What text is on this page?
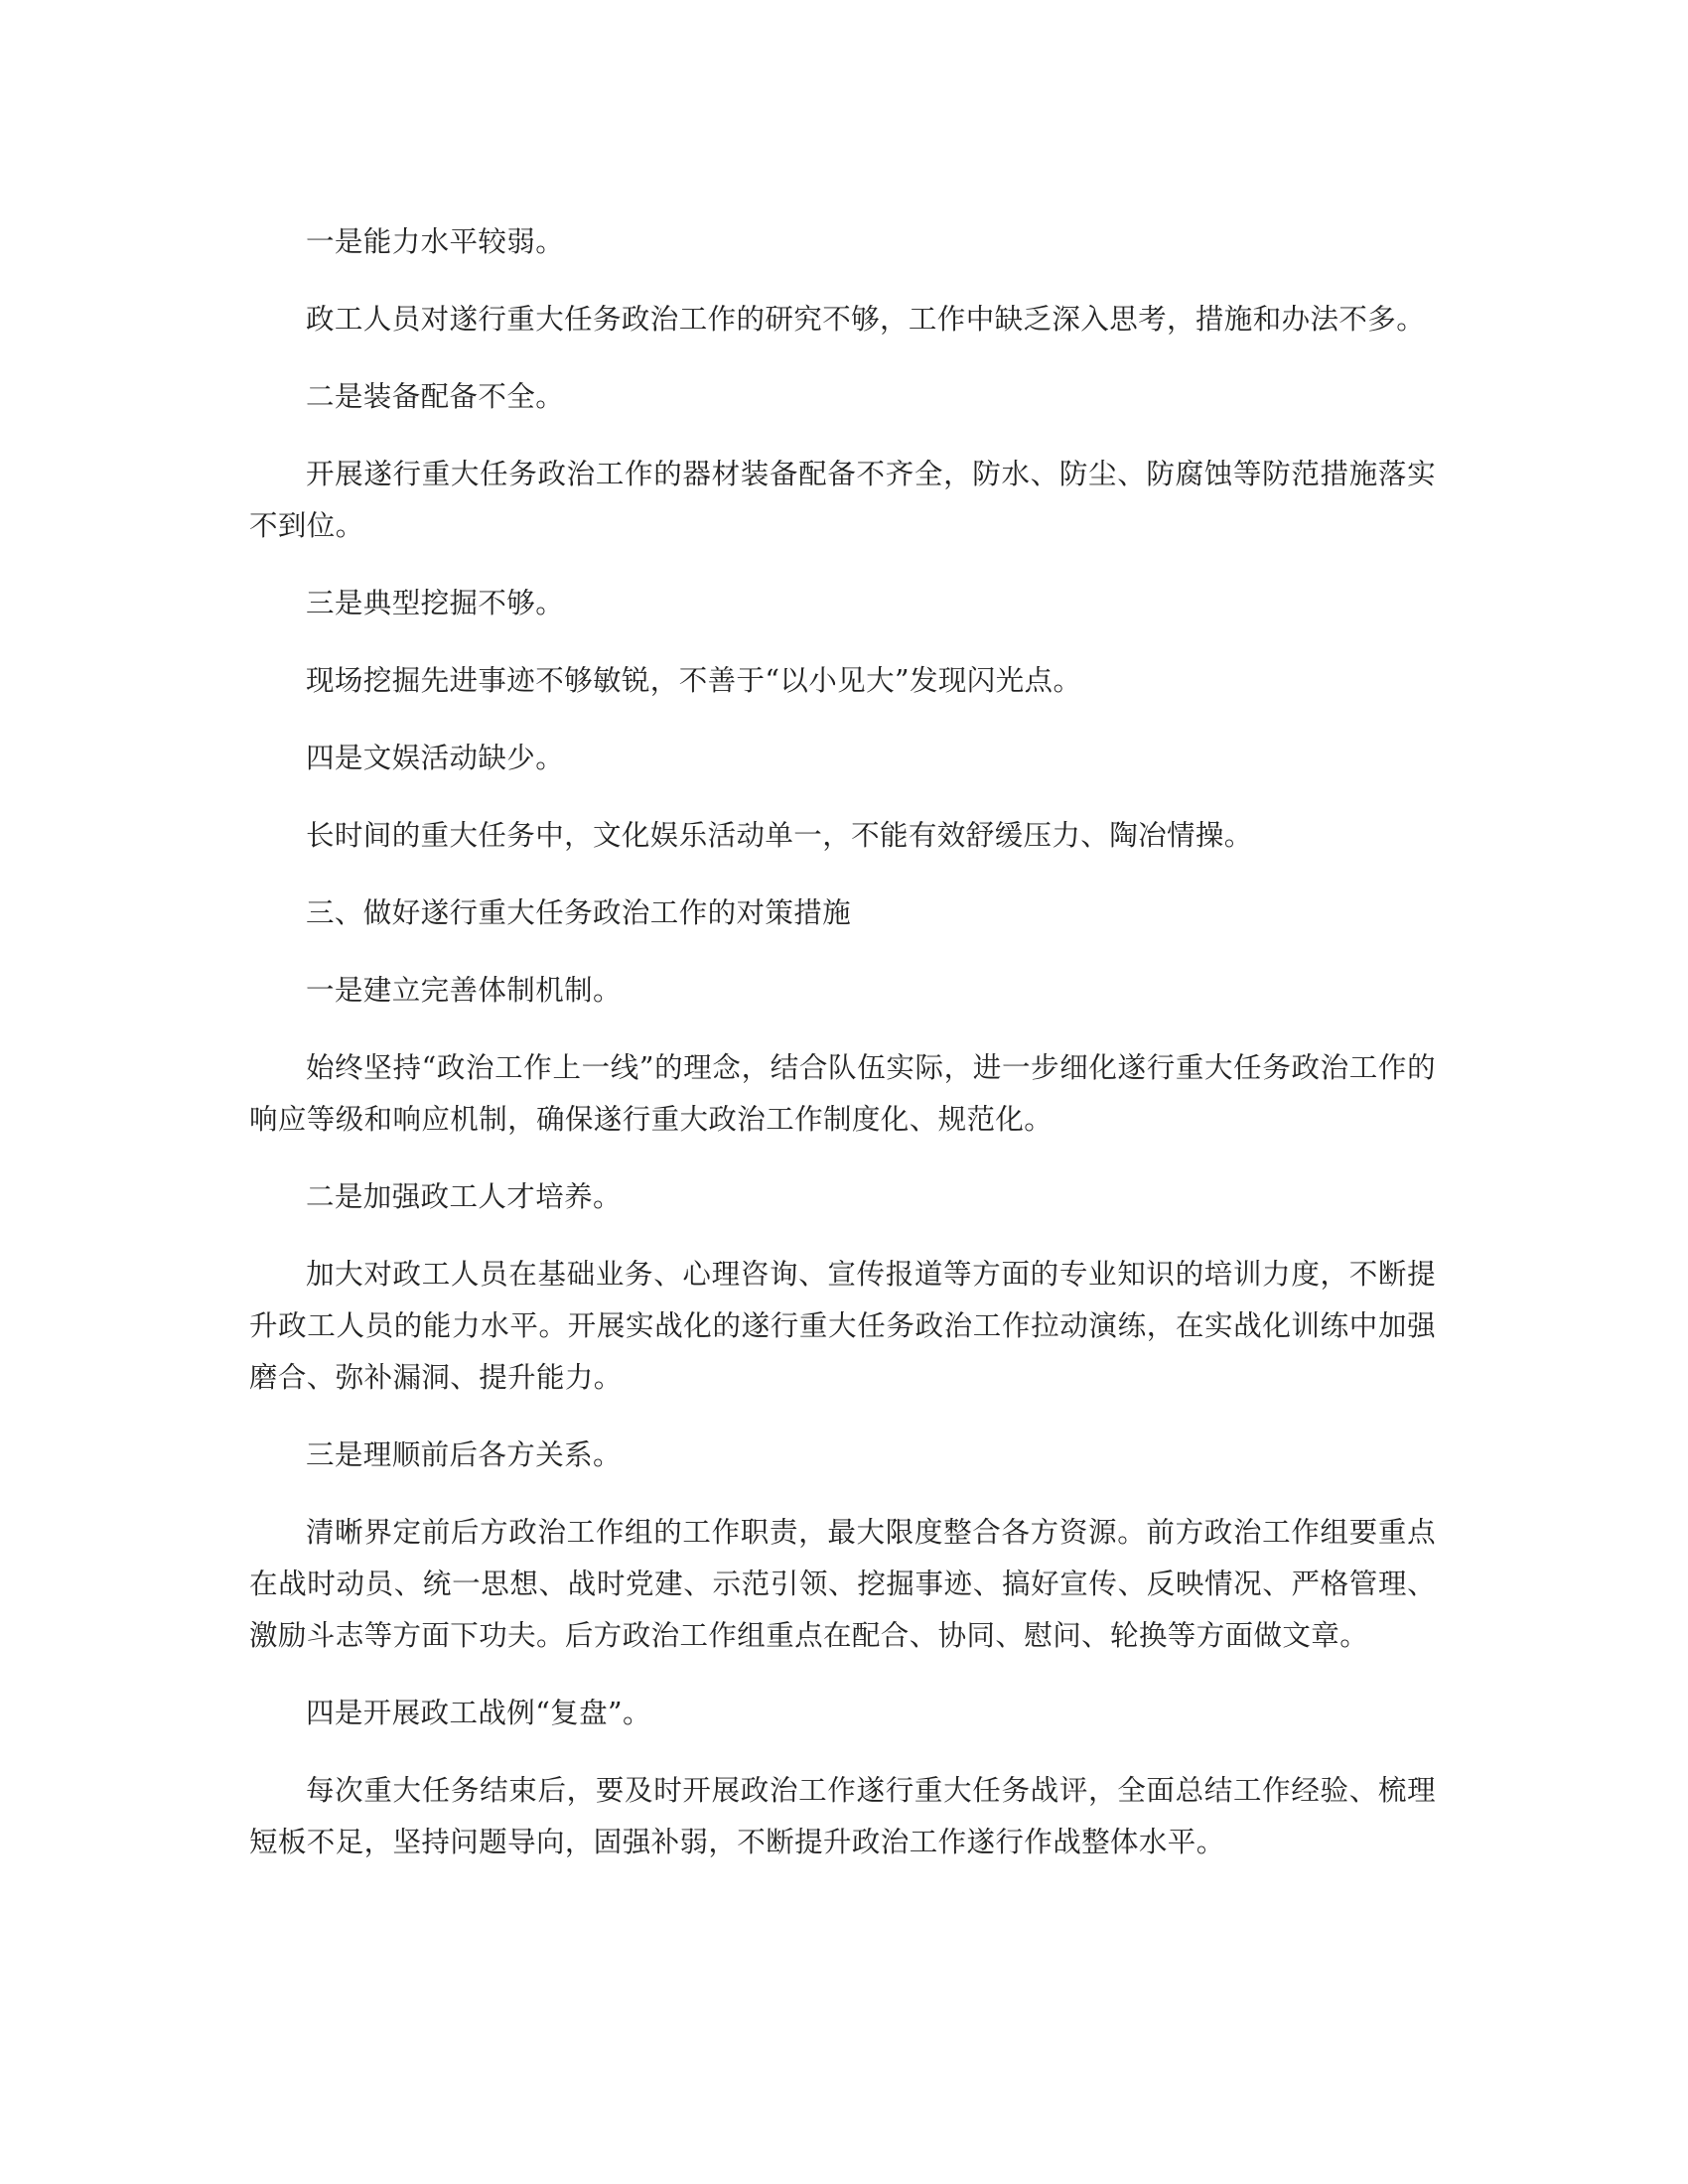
一是能力水平较弱。

政工人员对遂行重大任务政治工作的研究不够，工作中缺乏深入思考，措施和办法不多。

二是装备配备不全。

开展遂行重大任务政治工作的器材装备配备不齐全，防水、防尘、防腐蚀等防范措施落实不到位。

三是典型挖掘不够。

现场挖掘先进事迹不够敏锐，不善于“以小见大”发现闪光点。

四是文娱活动缺少。

长时间的重大任务中，文化娱乐活动单一，不能有效舒缓压力、陶冶情操。

三、做好遂行重大任务政治工作的对策措施

一是建立完善体制机制。

始终坚持“政治工作上一线”的理念，结合队伍实际，进一步细化遂行重大任务政治工作的响应等级和响应机制，确保遂行重大政治工作制度化、规范化。

二是加强政工人才培养。

加大对政工人员在基础业务、心理咨询、宣传报道等方面的专业知识的培训力度，不断提升政工人员的能力水平。开展实战化的遂行重大任务政治工作拉动演练，在实战化训练中加强磨合、弥补漏洞、提升能力。

三是理顺前后各方关系。

清晰界定前后方政治工作组的工作职责，最大限度整合各方资源。前方政治工作组要重点在战时动员、统一思想、战时党建、示范引领、挖掘事迹、搞好宣传、反映情况、严格管理、激励斗志等方面下功夫。后方政治工作组重点在配合、协同、慰问、轮换等方面做文章。

四是开展政工战例“复盘”。

每次重大任务结束后，要及时开展政治工作遂行重大任务战评，全面总结工作经验、梳理短板不足，坚持问题导向，固强补弱，不断提升政治工作遂行作战整体水平。
